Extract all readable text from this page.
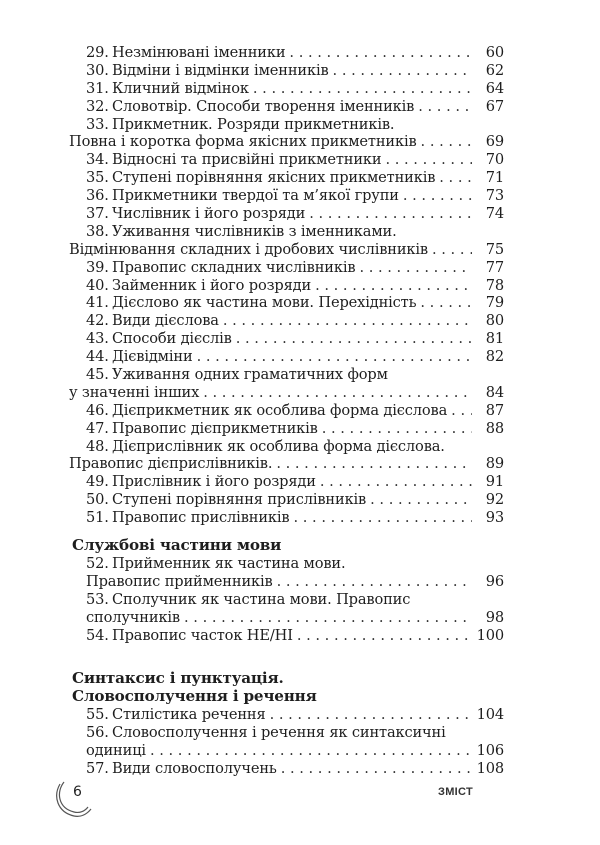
29. Незмінювані іменники . . .	60
30. Відміни і відмінки іменників . . .	62
31. Кличний відмінок . . .	64
32. Словотвір. Способи творення іменників . . .	67
33. Прикметник. Розряди прикметників.
Повна і коротка форма якісних прикметників . . .	69
34. Відносні та присвійні прикметники . . .	70
35. Ступені порівняння якісних прикметників . . .	71
36. Прикметники твердої та м’якої групи . . .	73
37. Числівник і його розряди . . .	74
38. Уживання числівників з іменниками.
Відмінювання складних і дробових числівників . . .	75
39. Правопис складних числівників . . .	77
40. Займенник і його розряди . . .	78
41. Дієслово як частина мови. Перехідність . . .	79
42. Види дієслова . . .	80
43. Способи дієслів . . .	81
44. Дієвідміни . . .	82
45. Уживання одних граматичних форм
у значенні інших . . .	84
46. Дієприкметник як особлива форма дієслова . . .	87
47. Правопис дієприкметників . . .	88
48. Дієприслівник як особлива форма дієслова.
Правопис дієприслівників. . . .	89
49. Прислівник і його розряди . . .	91
50. Ступені порівняння прислівників . . .	92
51. Правопис прислівників . . .	93
Службові частини мови
52. Прийменник як частина мови.
Правопис прийменників . . .	96
53. Сполучник як частина мови. Правопис
сполучників . . .	98
54. Правопис часток НЕ/НІ . . .	100
Синтаксис і пунктуація.
Словосполучення і речення
55. Стилістика речення . . .	104
56. Словосполучення і речення як синтаксичні
одиниці . . .	106
57. Види словосполучень . . .	108
6	ЗМІСТ
